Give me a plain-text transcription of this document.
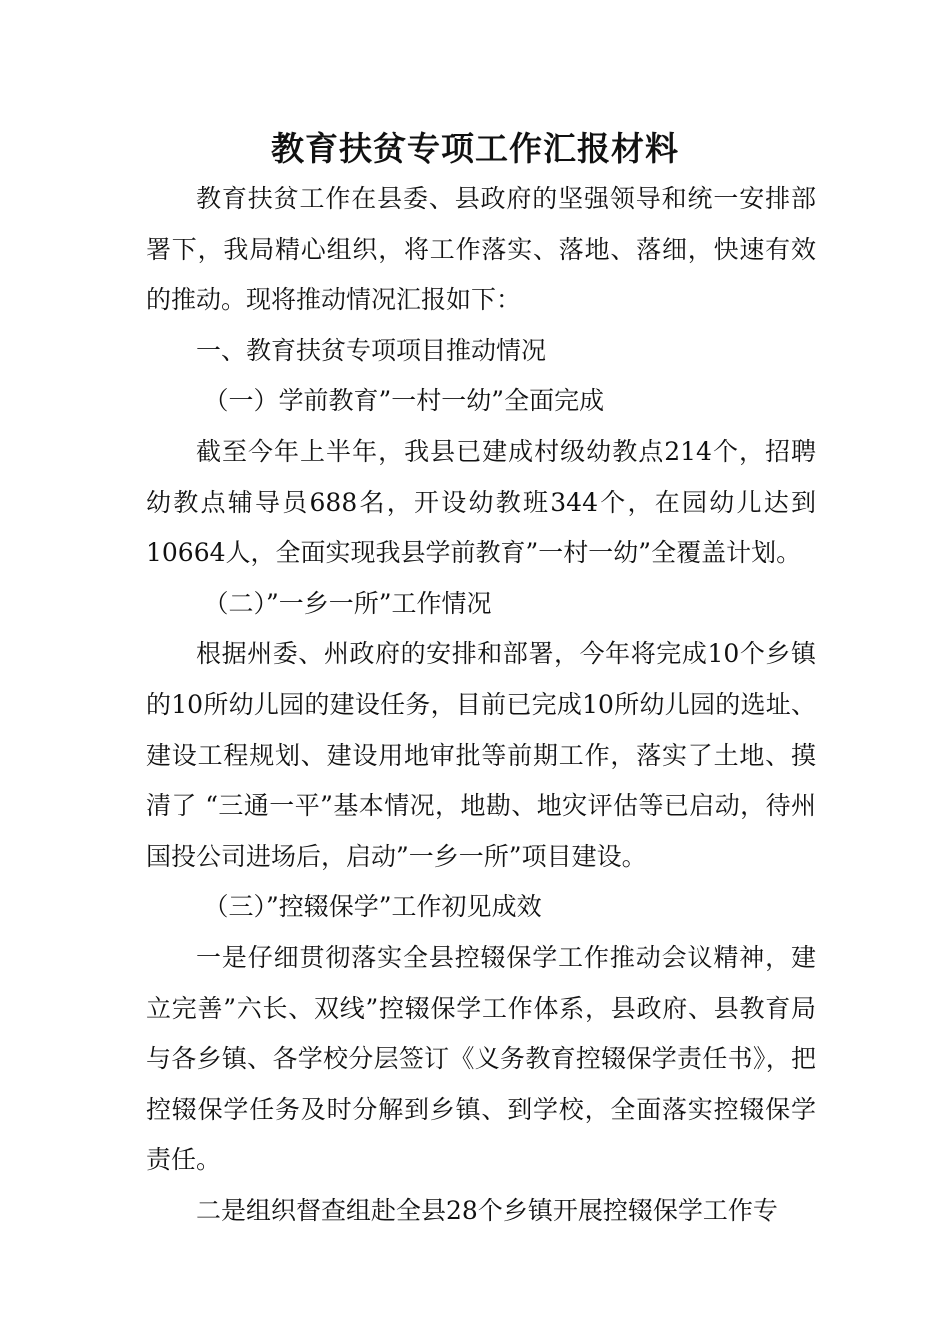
教育扶贫专项工作汇报材料

教育扶贫工作在县委、县政府的坚强领导和统一安排部署下，我局精心组织，将工作落实、落地、落细，快速有效的推动。现将推动情况汇报如下：

一、教育扶贫专项项目推动情况

（一）学前教育”一村一幼”全面完成

截至今年上半年，我县已建成村级幼教点214个，招聘幼教点辅导员688名，开设幼教班344个，在园幼儿达到10664人，全面实现我县学前教育”一村一幼”全覆盖计划。

（二）”一乡一所”工作情况

根据州委、州政府的安排和部署，今年将完成10个乡镇的10所幼儿园的建设任务，目前已完成10所幼儿园的选址、建设工程规划、建设用地审批等前期工作，落实了土地、摸清了 “三通一平”基本情况，地勘、地灾评估等已启动，待州国投公司进场后，启动”一乡一所”项目建设。

（三）”控辍保学”工作初见成效

一是仔细贯彻落实全县控辍保学工作推动会议精神，建立完善”六长、双线”控辍保学工作体系，县政府、县教育局与各乡镇、各学校分层签订《义务教育控辍保学责任书》，把控辍保学任务及时分解到乡镇、到学校，全面落实控辍保学责任。

二是组织督查组赴全县28个乡镇开展控辍保学工作专
